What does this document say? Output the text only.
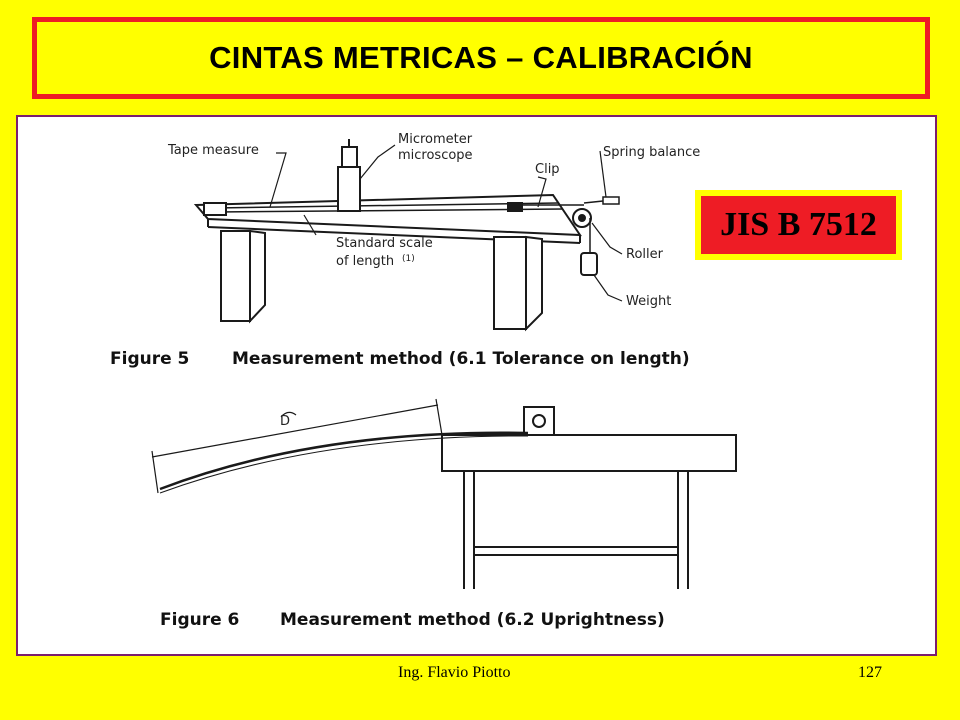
CINTAS METRICAS – CALIBRACIÓN
Tape measure
Micrometer
microscope
Clip
Spring balance
Standard scale
of length (1)	Roller
Weight
Figure 5	Measurement method (6.1 Tolerance on length)
D
Figure 6 Measurement method (6.2 Uprightness)
JIS B 7512
Ing. Flavio Piotto	127
